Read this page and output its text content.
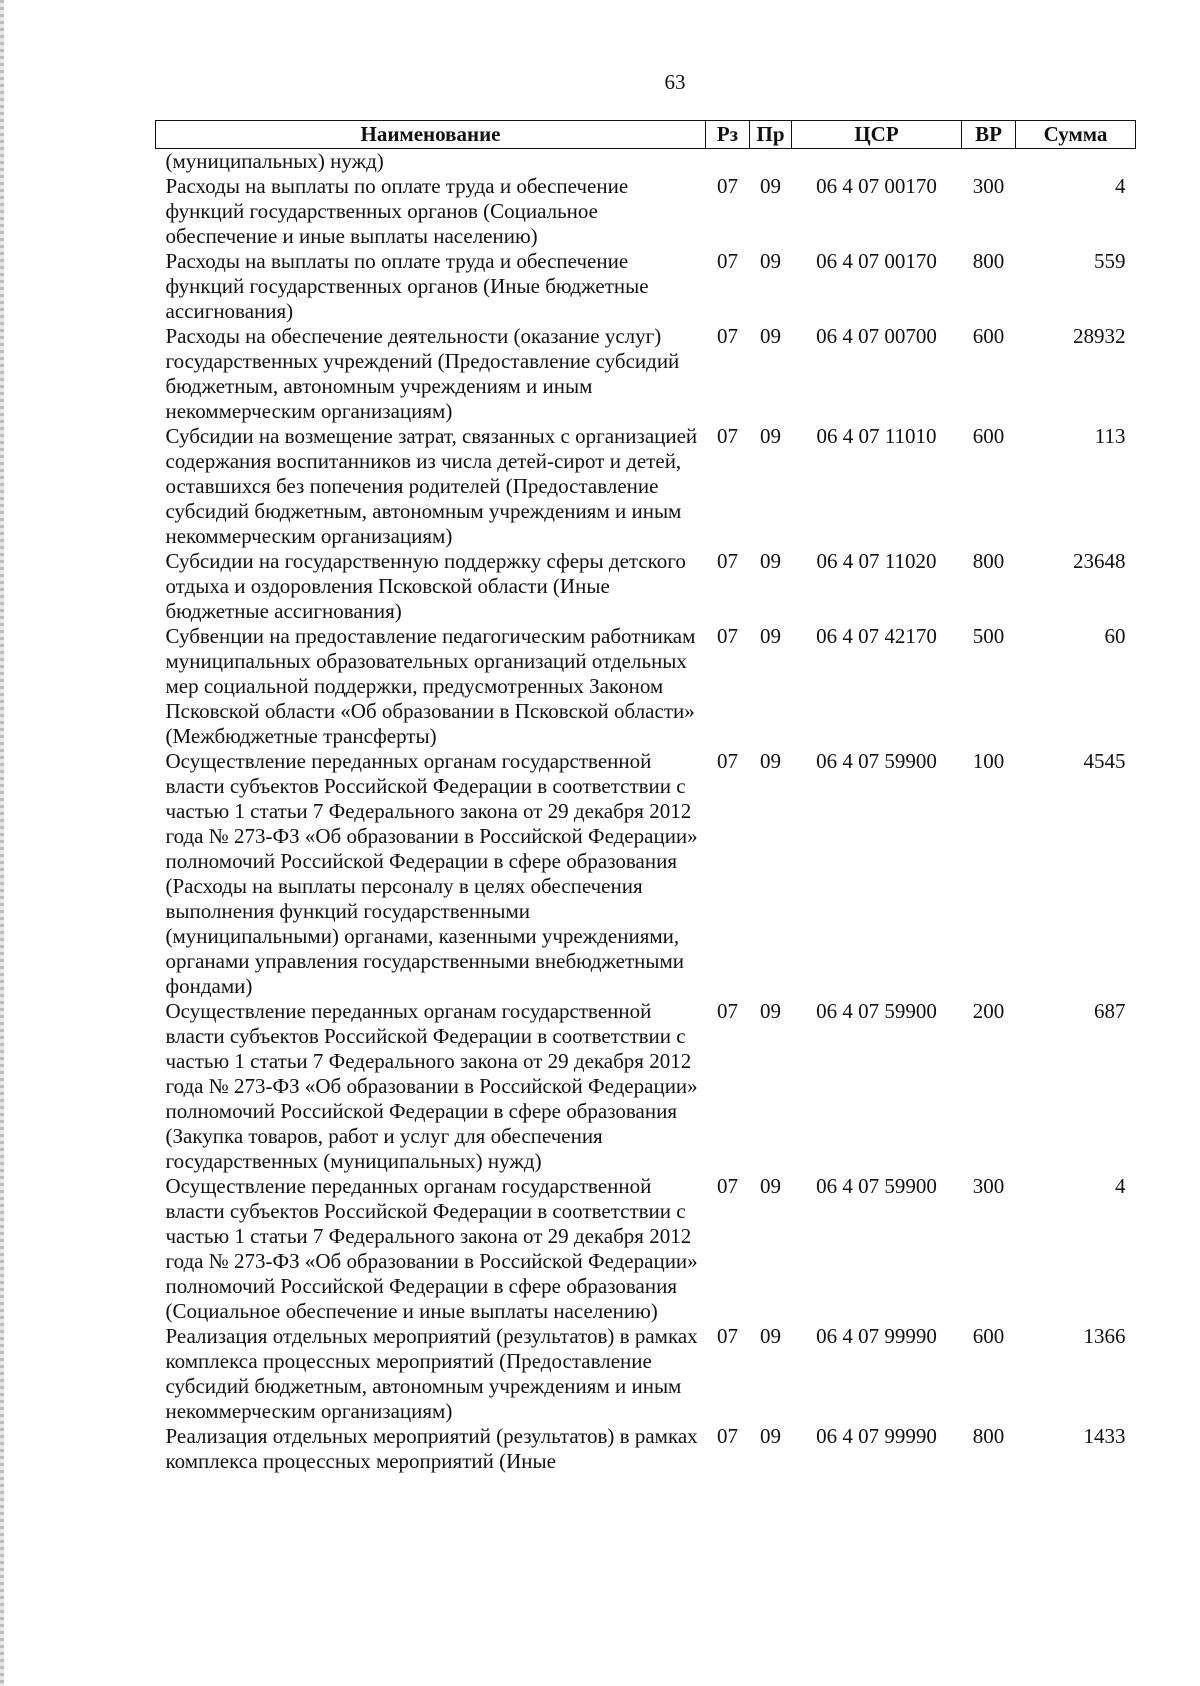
63
Наименование	Рз	Пр	ЦСР	ВР	Сумма
(муниципальных) нужд)					
Расходы на выплаты по оплате труда и обеспечение функций государственных органов (Социальное обеспечение и иные выплаты населению)	07	09	06 4 07 00170	300	4
Расходы на выплаты по оплате труда и обеспечение функций государственных органов (Иные бюджетные ассигнования)	07	09	06 4 07 00170	800	559
Расходы на обеспечение деятельности (оказание услуг) государственных учреждений (Предоставление субсидий бюджетным, автономным учреждениям и иным некоммерческим организациям)	07	09	06 4 07 00700	600	28932
Субсидии на возмещение затрат, связанных с организацией содержания воспитанников из числа детей-сирот и детей, оставшихся без попечения родителей (Предоставление субсидий бюджетным, автономным учреждениям и иным некоммерческим организациям)	07	09	06 4 07 11010	600	113
Субсидии на государственную поддержку сферы детского отдыха и оздоровления Псковской области (Иные бюджетные ассигнования)	07	09	06 4 07 11020	800	23648
Субвенции на предоставление педагогическим работникам муниципальных образовательных организаций отдельных мер социальной поддержки, предусмотренных Законом Псковской области «Об образовании в Псковской области» (Межбюджетные трансферты)	07	09	06 4 07 42170	500	60
Осуществление переданных органам государственной власти субъектов Российской Федерации в соответствии с частью 1 статьи 7 Федерального закона от 29 декабря 2012 года № 273-ФЗ «Об образовании в Российской Федерации» полномочий Российской Федерации в сфере образования (Расходы на выплаты персоналу в целях обеспечения выполнения функций государственными (муниципальными) органами, казенными учреждениями, органами управления государственными внебюджетными фондами)	07	09	06 4 07 59900	100	4545
Осуществление переданных органам государственной власти субъектов Российской Федерации в соответствии с частью 1 статьи 7 Федерального закона от 29 декабря 2012 года № 273-ФЗ «Об образовании в Российской Федерации» полномочий Российской Федерации в сфере образования (Закупка товаров, работ и услуг для обеспечения государственных (муниципальных) нужд)	07	09	06 4 07 59900	200	687
Осуществление переданных органам государственной власти субъектов Российской Федерации в соответствии с частью 1 статьи 7 Федерального закона от 29 декабря 2012 года № 273-ФЗ «Об образовании в Российской Федерации» полномочий Российской Федерации в сфере образования (Социальное обеспечение и иные выплаты населению)	07	09	06 4 07 59900	300	4
Реализация отдельных мероприятий (результатов) в рамках комплекса процессных мероприятий (Предоставление субсидий бюджетным, автономным учреждениям и иным некоммерческим организациям)	07	09	06 4 07 99990	600	1366
Реализация отдельных мероприятий (результатов) в рамках комплекса процессных мероприятий (Иные	07	09	06 4 07 99990	800	1433
